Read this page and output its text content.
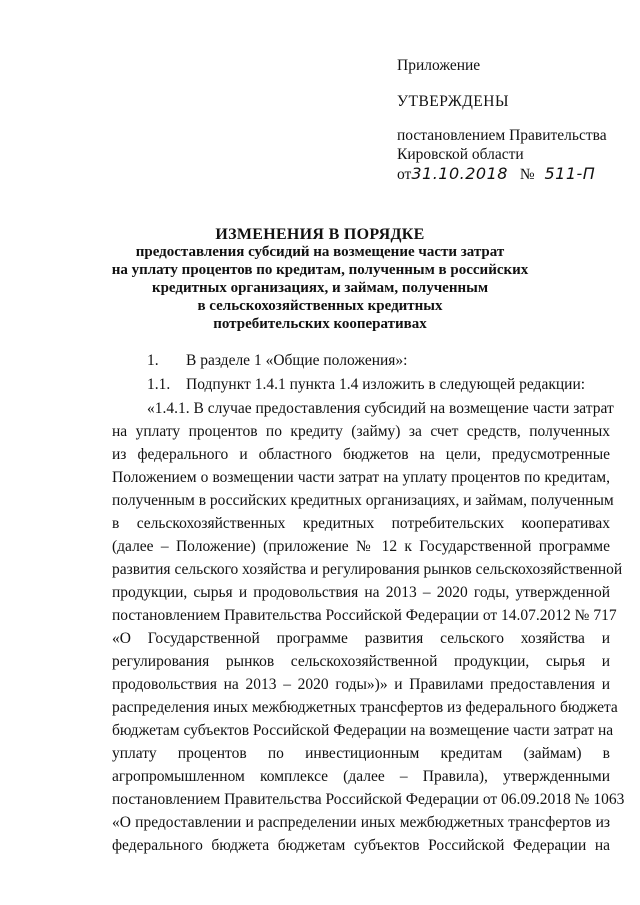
Приложение
УТВЕРЖДЕНЫ
постановлением Правительства
Кировской области
от31.10.2018 № 511-П
ИЗМЕНЕНИЯ В ПОРЯДКЕ
предоставления субсидий на возмещение части затрат
на уплату процентов по кредитам, полученным в российских
кредитных организациях, и займам, полученным
в сельскохозяйственных кредитных
потребительских кооперативах
1. В разделе 1 «Общие положения»:
1.1. Подпункт 1.4.1 пункта 1.4 изложить в следующей редакции:
«1.4.1. В случае предоставления субсидий на возмещение части затрат
на уплату процентов по кредиту (займу) за счет средств, полученных
из федерального и областного бюджетов на цели, предусмотренные
Положением о возмещении части затрат на уплату процентов по кредитам,
полученным в российских кредитных организациях, и займам, полученным
в сельскохозяйственных кредитных потребительских кооперативах
(далее – Положение) (приложение № 12 к Государственной программе
развития сельского хозяйства и регулирования рынков сельскохозяйственной
продукции, сырья и продовольствия на 2013 – 2020 годы, утвержденной
постановлением Правительства Российской Федерации от 14.07.2012 № 717
«О Государственной программе развития сельского хозяйства и
регулирования рынков сельскохозяйственной продукции, сырья и
продовольствия на 2013 – 2020 годы»)» и Правилами предоставления и
распределения иных межбюджетных трансфертов из федерального бюджета
бюджетам субъектов Российской Федерации на возмещение части затрат на
уплату процентов по инвестиционным кредитам (займам) в
агропромышленном комплексе (далее – Правила), утвержденными
постановлением Правительства Российской Федерации от 06.09.2018 № 1063
«О предоставлении и распределении иных межбюджетных трансфертов из
федерального бюджета бюджетам субъектов Российской Федерации на
